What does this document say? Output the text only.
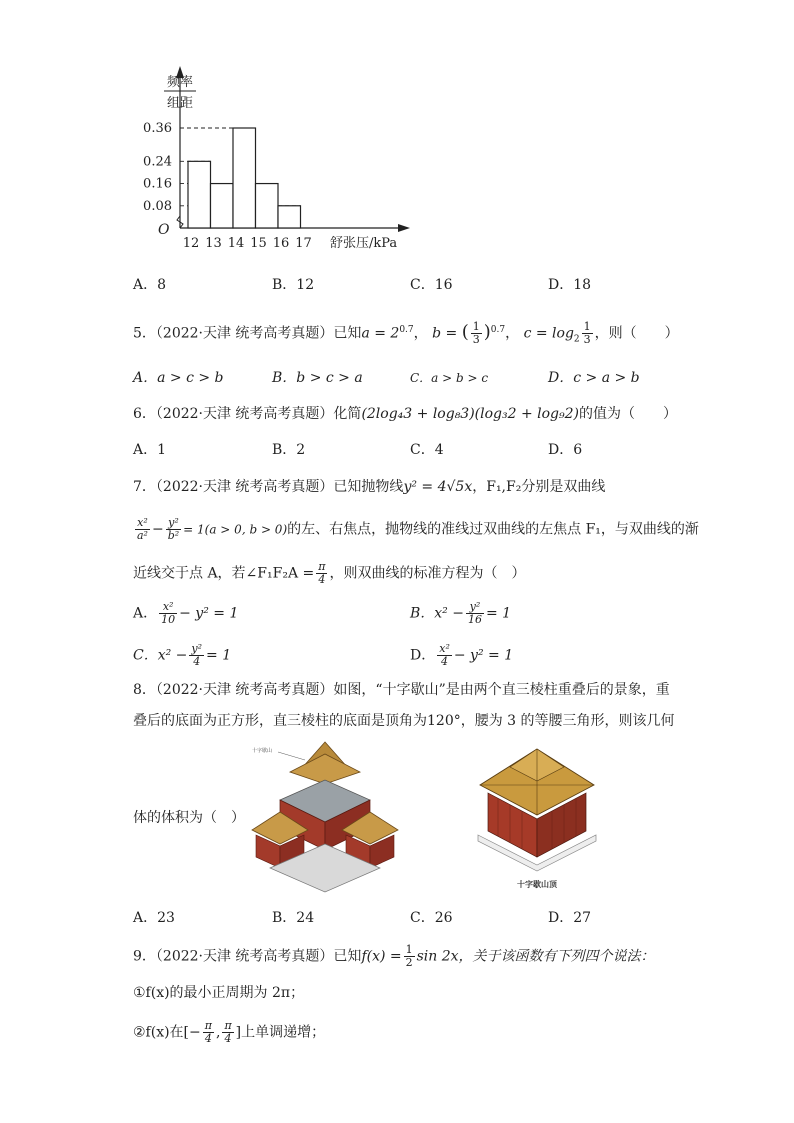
0.36
0.24
0.16
0.08
12 13 14 15 16 17
O
舒张压/kPa
频率
组距
A．8	B．12	C．16	D．18
5．（2022·天津 统考高考真题）已知$a = 2^{0.7}$， b = ( $\frac{1}{3} )^{0.7}$， $c = \log_2 \frac{1}{3}$ ，则（　　）
A．a > c > b	B．b > c > a	C．a > b > c	D．c > a > b
6．（2022·天津 统考高考真题）化简(2log₄3 + log₈3)(log₃2 + log₉2)的值为（　　）
A．1	B．2	C．4	D．6
7．（2022·天津 统考高考真题）已知抛物线y² = 4√5x，F₁,F₂分别是双曲线
$\frac{\text{x²}}{\text{a²}} - \frac{\text{y²}}{\text{b²}} = 1(a > 0$, b > 0)的左、右焦点，抛物线的准线过双曲线的左焦点 F₁，与双曲线的渐
近线交于点 A，若∠F₁F₂A = $\frac{\pi}{4}$ ，则双曲线的标准方程为（　）
A． $\frac{\text{x²}}{10} - y^2 = 1$	B．$x^2 - \frac{\text{y²}}{16} = 1$
C．$x^2 - \frac{\text{y²}}{4} = 1$	D． $\frac{\text{x²}}{4} - y^2 = 1$
8．（2022·天津 统考高考真题）如图，“十字歇山”是由两个直三棱柱重叠后的景象，重
叠后的底面为正方形，直三棱柱的底面是顶角为120°，腰为 3 的等腰三角形，则该几何
体的体积为（　）
十字歇山
十字歇山顶
A．23	B．24	C．26	D．27
9．（2022·天津 统考高考真题）已知$f(x) = \frac{1}{2}$ sin 2x，关于该函数有下列四个说法：
①f(x)的最小正周期为 2π；
②f(x)在[− $\frac{\pi}{4}$ , $\frac{\pi}{4}$ ]上单调递增；
